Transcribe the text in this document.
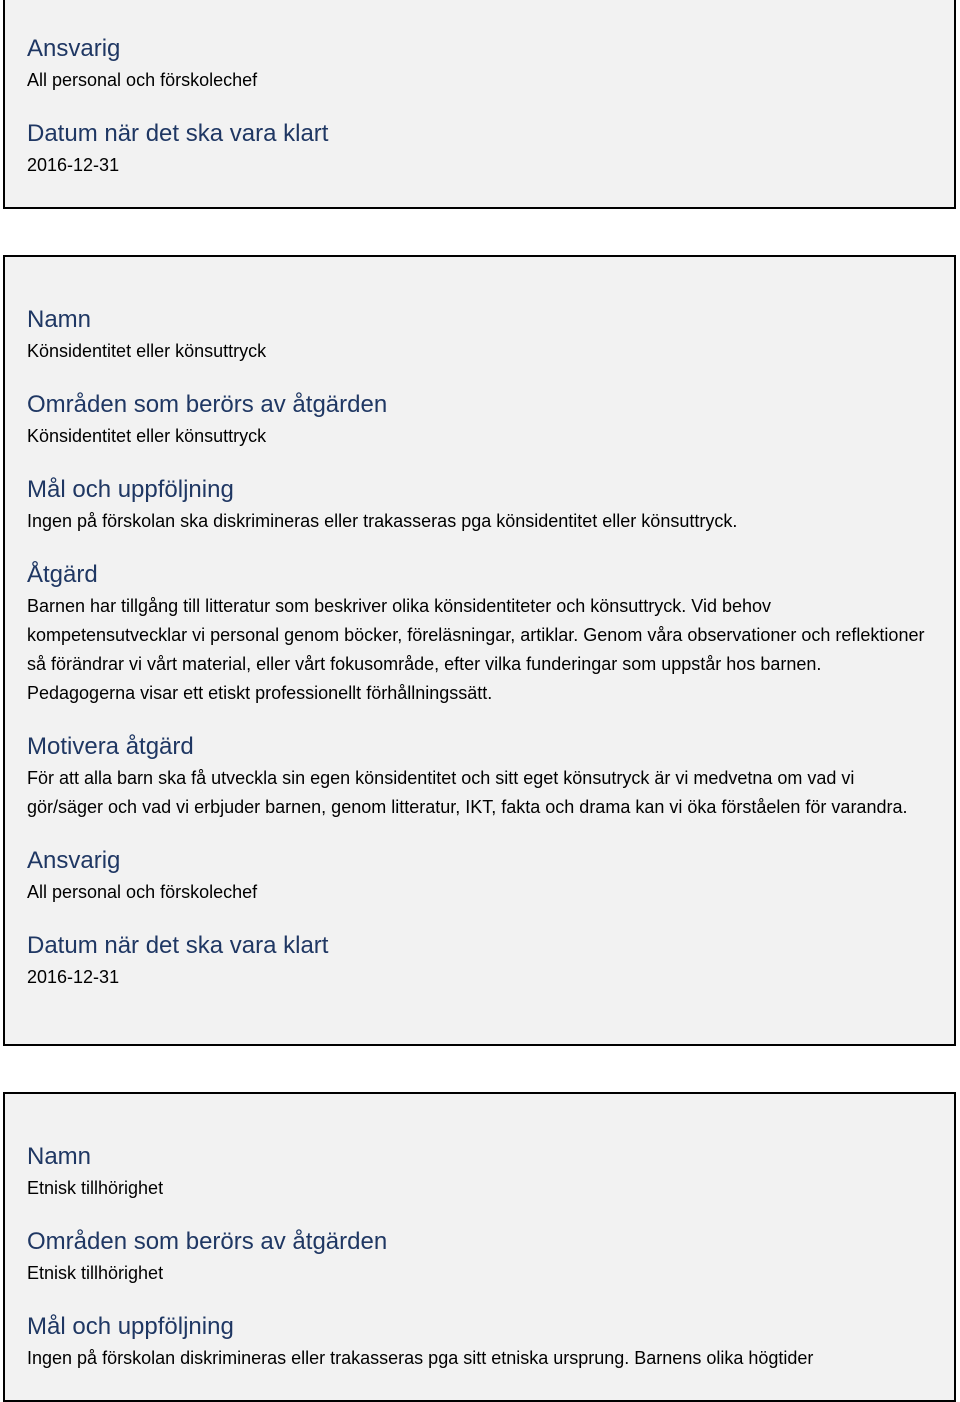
Ansvarig

All personal och förskolechef

Datum när det ska vara klart

2016-12-31

Namn

Könsidentitet eller könsuttryck

Områden som berörs av åtgärden

Könsidentitet eller könsuttryck

Mål och uppföljning

Ingen på förskolan ska diskrimineras eller trakasseras pga könsidentitet eller könsuttryck.

Åtgärd

Barnen har tillgång till litteratur som beskriver olika könsidentiteter och könsuttryck. Vid behov kompetensutvecklar vi personal genom böcker, föreläsningar, artiklar. Genom våra observationer och reflektioner så förändrar vi vårt material, eller vårt fokusområde, efter vilka funderingar som uppstår hos barnen. Pedagogerna visar ett etiskt professionellt förhållningssätt.

Motivera åtgärd

För att alla barn ska få utveckla sin egen könsidentitet och sitt eget könsutryck är vi medvetna om vad vi gör/säger och vad vi erbjuder barnen, genom litteratur, IKT, fakta och drama kan vi öka förståelen för varandra.

Ansvarig

All personal och förskolechef

Datum när det ska vara klart

2016-12-31

Namn

Etnisk tillhörighet

Områden som berörs av åtgärden

Etnisk tillhörighet

Mål och uppföljning

Ingen på förskolan diskrimineras eller trakasseras pga sitt etniska ursprung. Barnens olika högtider
